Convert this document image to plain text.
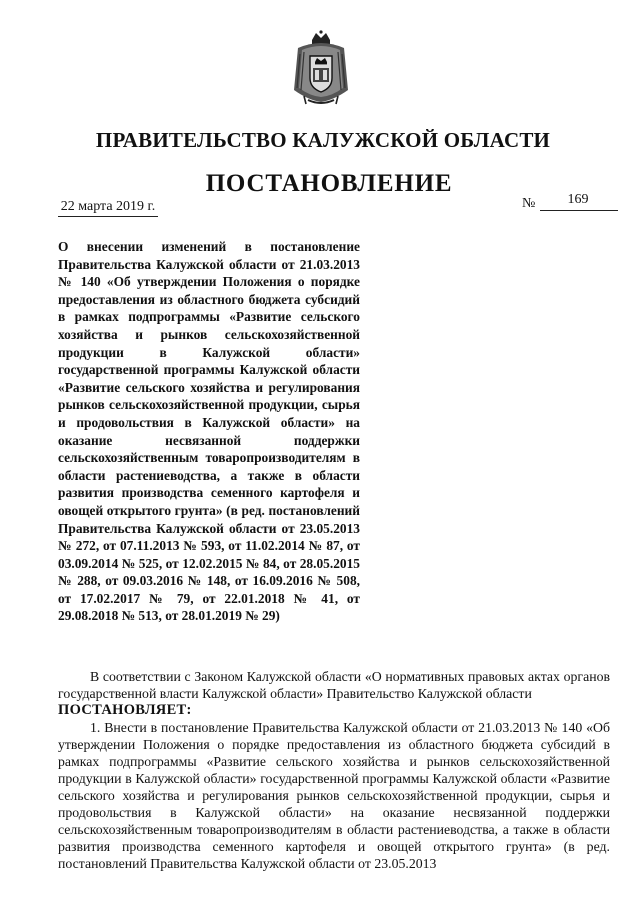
ПРАВИТЕЛЬСТВО КАЛУЖСКОЙ ОБЛАСТИ
ПОСТАНОВЛЕНИЕ
22 марта 2019 г.	№	169
О внесении изменений в постановление Правительства Калужской области от 21.03.2013 № 140 «Об утверждении Положения о порядке предоставления из областного бюджета субсидий в рамках подпрограммы «Развитие сельского хозяйства и рынков сельскохозяйственной продукции в Калужской области» государственной программы Калужской области «Развитие сельского хозяйства и регулирования рынков сельскохозяйственной продукции, сырья и продовольствия в Калужской области» на оказание несвязанной поддержки сельскохозяйственным товаропроизводителям в области растениеводства, а также в области развития производства семенного картофеля и овощей открытого грунта» (в ред. постановлений Правительства Калужской области от 23.05.2013 № 272, от 07.11.2013 № 593, от 11.02.2014 № 87, от 03.09.2014 № 525, от 12.02.2015 № 84, от 28.05.2015 № 288, от 09.03.2016 № 148, от 16.09.2016 № 508, от 17.02.2017 № 79, от 22.01.2018 № 41, от 29.08.2018 № 513, от 28.01.2019 № 29)

В соответствии с Законом Калужской области «О нормативных правовых актах органов государственной власти Калужской области» Правительство Калужской области

ПОСТАНОВЛЯЕТ:

1. Внести в постановление Правительства Калужской области от 21.03.2013 № 140 «Об утверждении Положения о порядке предоставления из областного бюджета субсидий в рамках подпрограммы «Развитие сельского хозяйства и рынков сельскохозяйственной продукции в Калужской области» государственной программы Калужской области «Развитие сельского хозяйства и регулирования рынков сельскохозяйственной продукции, сырья и продовольствия в Калужской области» на оказание несвязанной поддержки сельскохозяйственным товаропроизводителям в области растениеводства, а также в области развития производства семенного картофеля и овощей открытого грунта» (в ред. постановлений Правительства Калужской области от 23.05.2013
